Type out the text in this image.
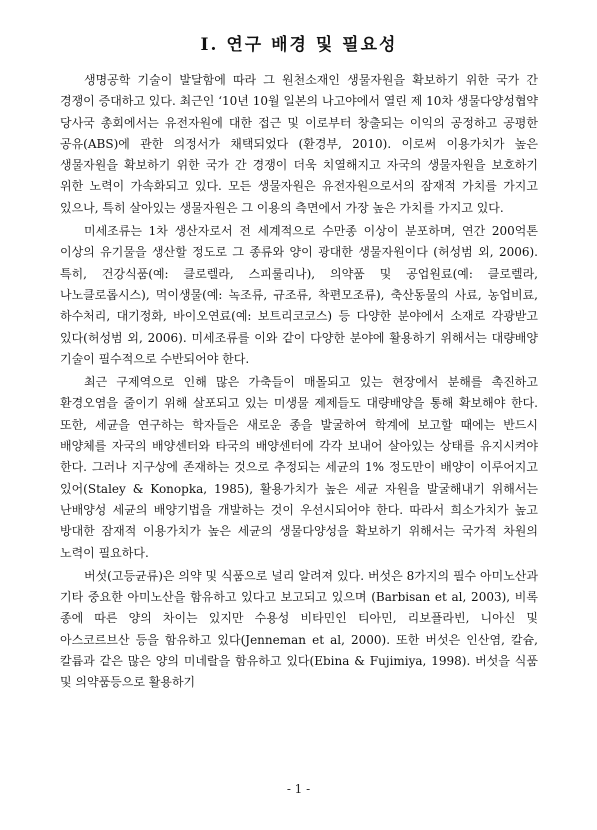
Ⅰ. 연구 배경 및 필요성

생명공학 기술이 발달함에 따라 그 원천소재인 생물자원을 확보하기 위한 국가 간 경쟁이 증대하고 있다. 최근인 ‘10년 10월 일본의 나고야에서 열린 제 10차 생물다양성협약 당사국 총회에서는 유전자원에 대한 접근 및 이로부터 창출되는 이익의 공정하고 공평한 공유(ABS)에 관한 의정서가 채택되었다 (환경부, 2010). 이로써 이용가치가 높은 생물자원을 확보하기 위한 국가 간 경쟁이 더욱 치열해지고 자국의 생물자원을 보호하기 위한 노력이 가속화되고 있다. 모든 생물자원은 유전자원으로서의 잠재적 가치를 가지고 있으나, 특히 살아있는 생물자원은 그 이용의 측면에서 가장 높은 가치를 가지고 있다.

미세조류는 1차 생산자로서 전 세계적으로 수만종 이상이 분포하며, 연간 200억톤 이상의 유기물을 생산할 정도로 그 종류와 양이 광대한 생물자원이다 (허성범 외, 2006). 특히, 건강식품(예: 클로렐라, 스피룰리나), 의약품 및 공업원료(예: 클로렐라, 나노클로롭시스), 먹이생물(예: 녹조류, 규조류, 착편모조류), 축산동물의 사료, 농업비료, 하수처리, 대기정화, 바이오연료(예: 보트리코코스) 등 다양한 분야에서 소재로 각광받고 있다(허성범 외, 2006). 미세조류를 이와 같이 다양한 분야에 활용하기 위해서는 대량배양 기술이 필수적으로 수반되어야 한다.

최근 구제역으로 인해 많은 가축들이 매몰되고 있는 현장에서 분해를 촉진하고 환경오염을 줄이기 위해 살포되고 있는 미생물 제제들도 대량배양을 통해 확보해야 한다. 또한, 세균을 연구하는 학자들은 새로운 종을 발굴하여 학계에 보고할 때에는 반드시 배양체를 자국의 배양센터와 타국의 배양센터에 각각 보내어 살아있는 상태를 유지시켜야 한다. 그러나 지구상에 존재하는 것으로 추정되는 세균의 1% 정도만이 배양이 이루어지고 있어(Staley & Konopka, 1985), 활용가치가 높은 세균 자원을 발굴해내기 위해서는 난배양성 세균의 배양기법을 개발하는 것이 우선시되어야 한다. 따라서 희소가치가 높고 방대한 잠재적 이용가치가 높은 세균의 생물다양성을 확보하기 위해서는 국가적 차원의 노력이 필요하다.

버섯(고등균류)은 의약 및 식품으로 널리 알려져 있다. 버섯은 8가지의 필수 아미노산과 기타 중요한 아미노산을 함유하고 있다고 보고되고 있으며 (Barbisan et al, 2003), 비록 종에 따른 양의 차이는 있지만 수용성 비타민인 티아민, 리보플라빈, 니아신 및 아스코르브산 등을 함유하고 있다(Jenneman et al, 2000). 또한 버섯은 인산염, 칼슘, 칼륨과 같은 많은 양의 미네랄을 함유하고 있다(Ebina & Fujimiya, 1998). 버섯을 식품 및 의약품등으로 활용하기

- 1 -
